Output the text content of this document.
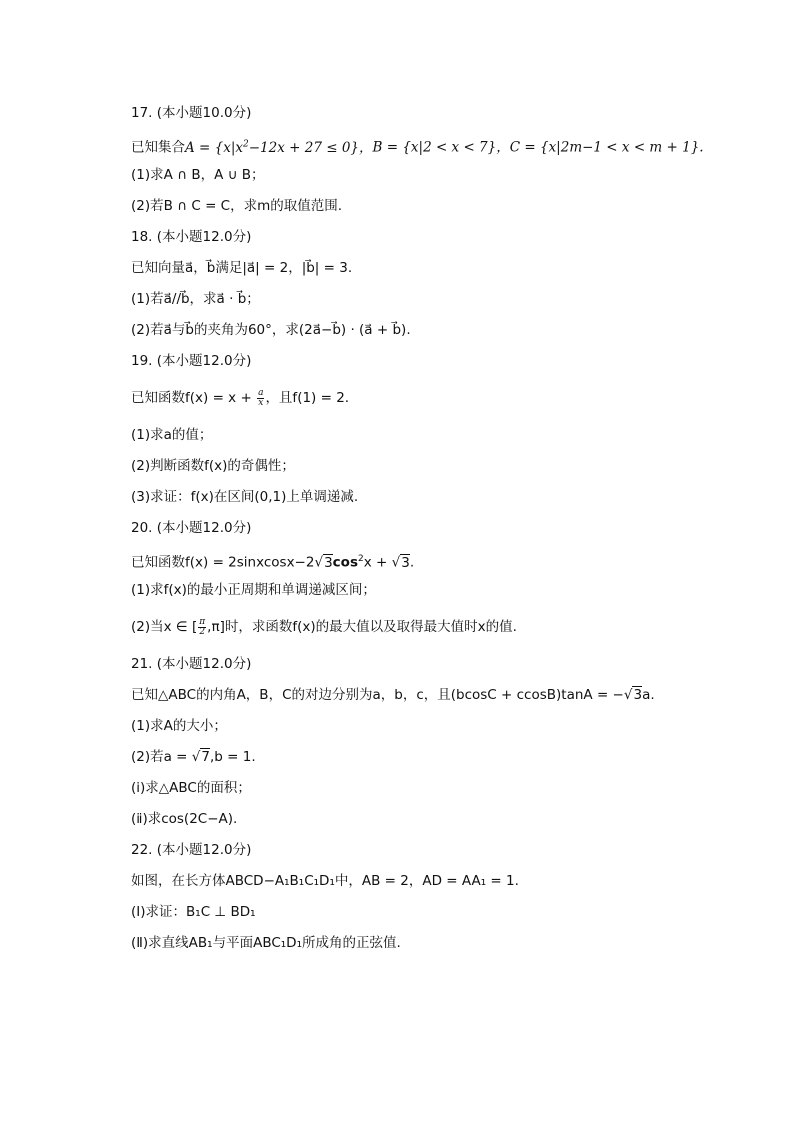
17. (本小题10.0分)
已知集合$A = \{x|x^2-12x + 27 \le 0\}$，B = {x|2 < x < 7}，C = {x|2m−1 < x < m + 1}.
(1)求A ∩ B，A ∪ B；
(2)若B ∩ C = C，求m的取值范围.
18. (本小题12.0分)
已知向量a⃗，b⃗满足|a⃗| = 2，|b⃗| = 3.
(1)若a⃗//b⃗，求a⃗ · b⃗；
(2)若a⃗与b⃗的夹角为60°，求(2a⃗−b⃗) · (a⃗ + b⃗).
19. (本小题12.0分)
已知函数$f(x) = x + \frac{a}{x}$ ，且f(1) = 2.
(1)求a的值；
(2)判断函数f(x)的奇偶性；
(3)求证：f(x)在区间(0,1)上单调递减.
20. (本小题12.0分)
已知函数$f(x) = 2sinxcosx-2√3\cos^2x + √3$.
(1)求f(x)的最小正周期和单调递减区间；
(2)当x ∈ [ $\frac{\pi}{2} ,\pi$]时，求函数f(x)的最大值以及取得最大值时x的值.
21. (本小题12.0分)
已知△ABC的内角A，B，C的对边分别为a，b，c，且(bcosC + ccosB)tanA = −√3a.
(1)求A的大小；
(2)若a = √7,b = 1.
(ⅰ)求△ABC的面积；
(ⅱ)求cos(2C−A).
22. (本小题12.0分)
如图，在长方体ABCD−A₁B₁C₁D₁中，AB = 2，AD = AA₁ = 1.
(Ⅰ)求证：B₁C ⊥ BD₁
(Ⅱ)求直线AB₁与平面ABC₁D₁所成角的正弦值.
